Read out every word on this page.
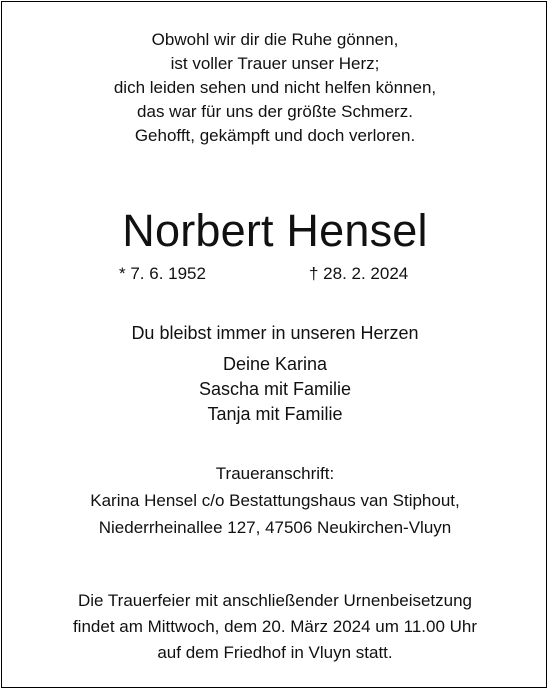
Obwohl wir dir die Ruhe gönnen,
ist voller Trauer unser Herz;
dich leiden sehen und nicht helfen können,
das war für uns der größte Schmerz.
Gehofft, gekämpft und doch verloren.
Norbert Hensel
* 7. 6. 1952	† 28. 2. 2024
Du bleibst immer in unseren Herzen
Deine Karina
Sascha mit Familie
Tanja mit Familie
Traueranschrift:
Karina Hensel c/o Bestattungshaus van Stiphout,
Niederrheinallee 127, 47506 Neukirchen-Vluyn
Die Trauerfeier mit anschließender Urnenbeisetzung
findet am Mittwoch, dem 20. März 2024 um 11.00 Uhr
auf dem Friedhof in Vluyn statt.
